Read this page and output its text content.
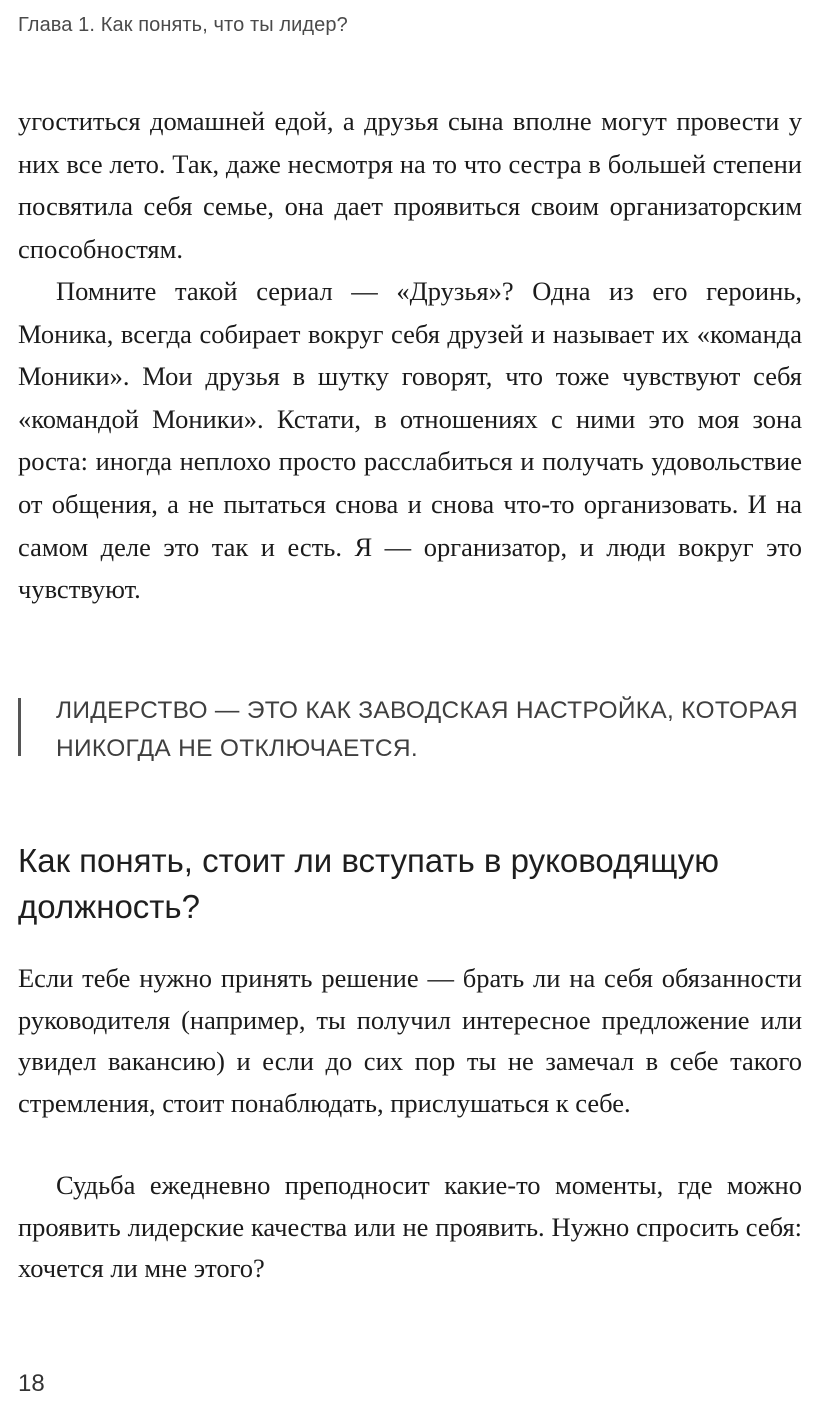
Глава 1. Как понять, что ты лидер?

угоститься домашней едой, а друзья сына вполне могут провести у них все лето. Так, даже несмотря на то что сестра в большей степени посвятила себя семье, она дает проявиться своим организаторским способностям.

Помните такой сериал — «Друзья»? Одна из его героинь, Моника, всегда собирает вокруг себя друзей и называет их «команда Моники». Мои друзья в шутку говорят, что тоже чувствуют себя «командой Моники». Кстати, в отношениях с ними это моя зона роста: иногда неплохо просто расслабиться и получать удовольствие от общения, а не пытаться снова и снова что-то организовать. И на самом деле это так и есть. Я — организатор, и люди вокруг это чувствуют.

ЛИДЕРСТВО — ЭТО КАК ЗАВОДСКАЯ НАСТРОЙКА, КОТОРАЯ НИКОГДА НЕ ОТКЛЮЧАЕТСЯ.
Как понять, стоит ли вступать в руководящую должность?

Если тебе нужно принять решение — брать ли на себя обязанности руководителя (например, ты получил интересное предложение или увидел вакансию) и если до сих пор ты не замечал в себе такого стремления, стоит понаблюдать, прислушаться к себе.

Судьба ежедневно преподносит какие-то моменты, где можно проявить лидерские качества или не проявить. Нужно спросить себя: хочется ли мне этого?

18
